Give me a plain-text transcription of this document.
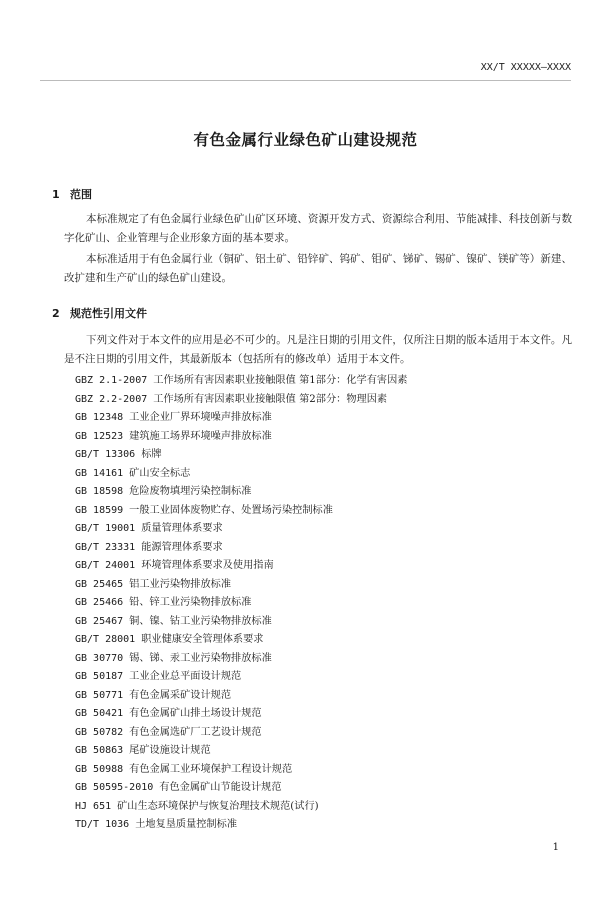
XX/T XXXXX—XXXX
有色金属行业绿色矿山建设规范
1 范围
本标准规定了有色金属行业绿色矿山矿区环境、资源开发方式、资源综合利用、节能减排、科技创新与数字化矿山、企业管理与企业形象方面的基本要求。
本标准适用于有色金属行业（铜矿、铝土矿、铅锌矿、钨矿、钼矿、锑矿、锡矿、镍矿、镁矿等）新建、改扩建和生产矿山的绿色矿山建设。
2 规范性引用文件
下列文件对于本文件的应用是必不可少的。凡是注日期的引用文件，仅所注日期的版本适用于本文件。凡是不注日期的引用文件，其最新版本（包括所有的修改单）适用于本文件。
GBZ 2.1-2007 工作场所有害因素职业接触限值 第1部分：化学有害因素
GBZ 2.2-2007 工作场所有害因素职业接触限值 第2部分：物理因素
GB 12348 工业企业厂界环境噪声排放标准
GB 12523 建筑施工场界环境噪声排放标准
GB/T 13306 标牌
GB 14161 矿山安全标志
GB 18598 危险废物填埋污染控制标准
GB 18599 一般工业固体废物贮存、处置场污染控制标准
GB/T 19001 质量管理体系要求
GB/T 23331 能源管理体系要求
GB/T 24001 环境管理体系要求及使用指南
GB 25465 铝工业污染物排放标准
GB 25466 铅、锌工业污染物排放标准
GB 25467 铜、镍、钴工业污染物排放标准
GB/T 28001 职业健康安全管理体系要求
GB 30770 锡、锑、汞工业污染物排放标准
GB 50187 工业企业总平面设计规范
GB 50771 有色金属采矿设计规范
GB 50421 有色金属矿山排土场设计规范
GB 50782 有色金属选矿厂工艺设计规范
GB 50863 尾矿设施设计规范
GB 50988 有色金属工业环境保护工程设计规范
GB 50595-2010 有色金属矿山节能设计规范
HJ 651 矿山生态环境保护与恢复治理技术规范(试行)
TD/T 1036 土地复垦质量控制标准
1
